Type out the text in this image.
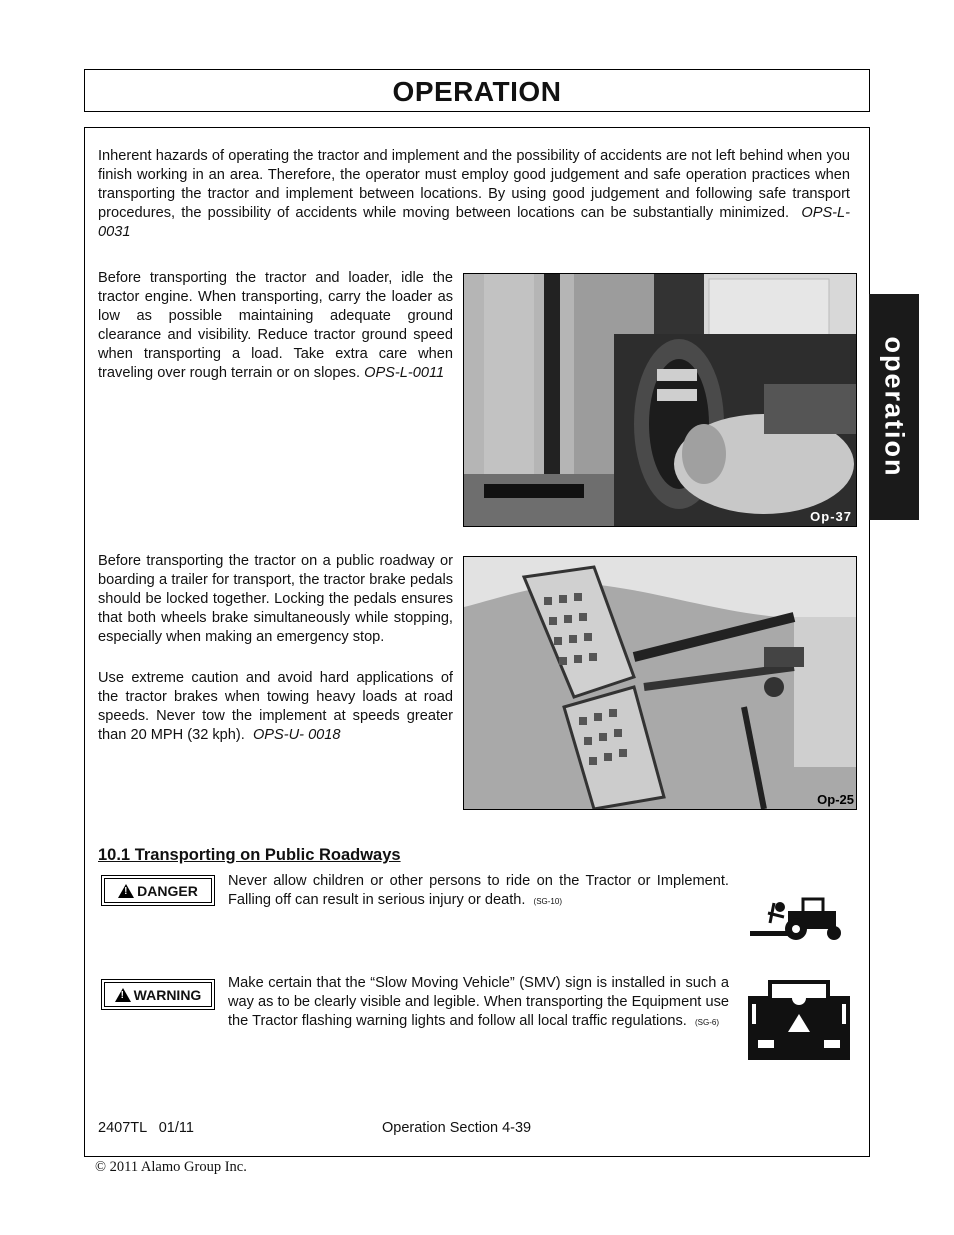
OPERATION
operation
Inherent hazards of operating the tractor and implement and the possibility of accidents are not left behind when you finish working in an area. Therefore, the operator must employ good judgement and safe operation practices when transporting the tractor and implement between locations. By using good judgement and following safe transport procedures, the possibility of accidents while moving between locations can be substantially minimized. OPS-L- 0031
Before transporting the tractor and loader, idle the tractor engine. When transporting, carry the loader as low as possible maintaining adequate ground clearance and visibility. Reduce tractor ground speed when transporting a load. Take extra care when traveling over rough terrain or on slopes. OPS-L-0011
Op-37
Before transporting the tractor on a public roadway or boarding a trailer for transport, the tractor brake pedals should be locked together. Locking the pedals ensures that both wheels brake simultaneously while stopping, especially when making an emergency stop.
Use extreme caution and avoid hard applications of the tractor brakes when towing heavy loads at road speeds. Never tow the implement at speeds greater than 20 MPH (32 kph). OPS-U- 0018
Op-25
10.1 Transporting on Public Roadways
!
DANGER
Never allow children or other persons to ride on the Tractor or Implement. Falling off can result in serious injury or death. (SG-10)
!
WARNING
Make certain that the “Slow Moving Vehicle” (SMV) sign is installed in such a way as to be clearly visible and legible. When transporting the Equipment use the Tractor flashing warning lights and follow all local traffic regulations. (SG-6)
2407TL   01/11	Operation Section 4-39
© 2011 Alamo Group Inc.
